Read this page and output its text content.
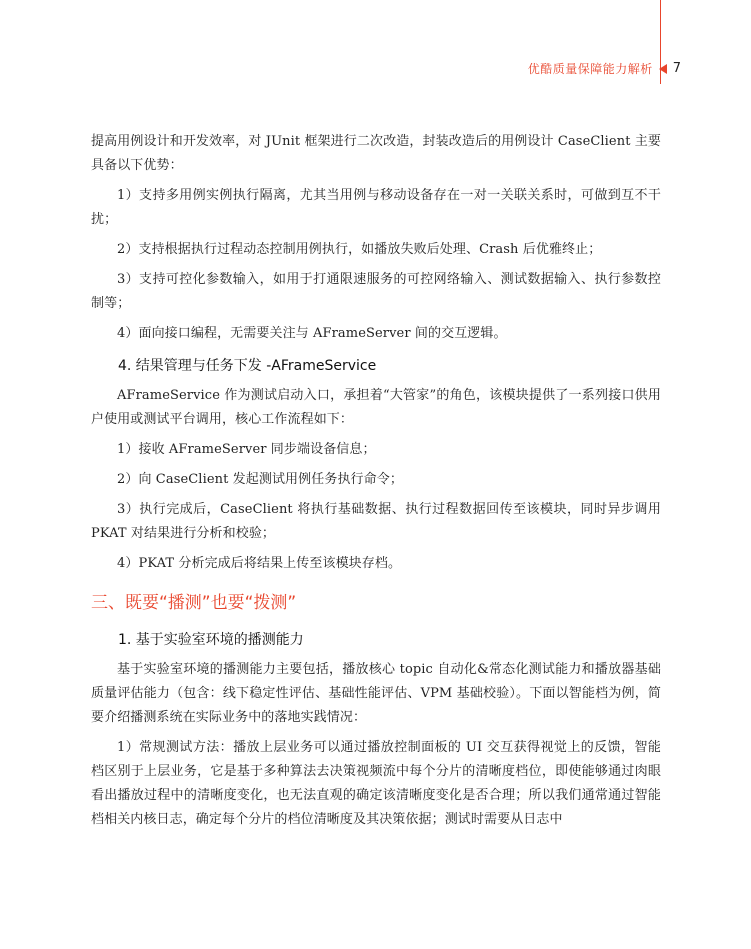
优酷质量保障能力解析 7

提高用例设计和开发效率，对 JUnit 框架进行二次改造，封装改造后的用例设计 CaseClient 主要具备以下优势：

1）支持多用例实例执行隔离，尤其当用例与移动设备存在一对一关联关系时，可做到互不干扰；

2）支持根据执行过程动态控制用例执行，如播放失败后处理、Crash 后优雅终止；

3）支持可控化参数输入，如用于打通限速服务的可控网络输入、测试数据输入、执行参数控制等；

4）面向接口编程，无需要关注与 AFrameServer 间的交互逻辑。

4. 结果管理与任务下发 -AFrameService

AFrameService 作为测试启动入口，承担着“大管家”的角色，该模块提供了一系列接口供用户使用或测试平台调用，核心工作流程如下：

1）接收 AFrameServer 同步端设备信息；

2）向 CaseClient 发起测试用例任务执行命令；

3）执行完成后，CaseClient 将执行基础数据、执行过程数据回传至该模块，同时异步调用 PKAT 对结果进行分析和校验；

4）PKAT 分析完成后将结果上传至该模块存档。

三、既要“播测”也要“拨测”
1. 基于实验室环境的播测能力

基于实验室环境的播测能力主要包括，播放核心 topic 自动化&常态化测试能力和播放器基础质量评估能力（包含：线下稳定性评估、基础性能评估、VPM 基础校验）。下面以智能档为例，简要介绍播测系统在实际业务中的落地实践情况：

1）常规测试方法：播放上层业务可以通过播放控制面板的 UI 交互获得视觉上的反馈，智能档区别于上层业务，它是基于多种算法去决策视频流中每个分片的清晰度档位，即使能够通过肉眼看出播放过程中的清晰度变化，也无法直观的确定该清晰度变化是否合理；所以我们通常通过智能档相关内核日志，确定每个分片的档位清晰度及其决策依据；测试时需要从日志中
